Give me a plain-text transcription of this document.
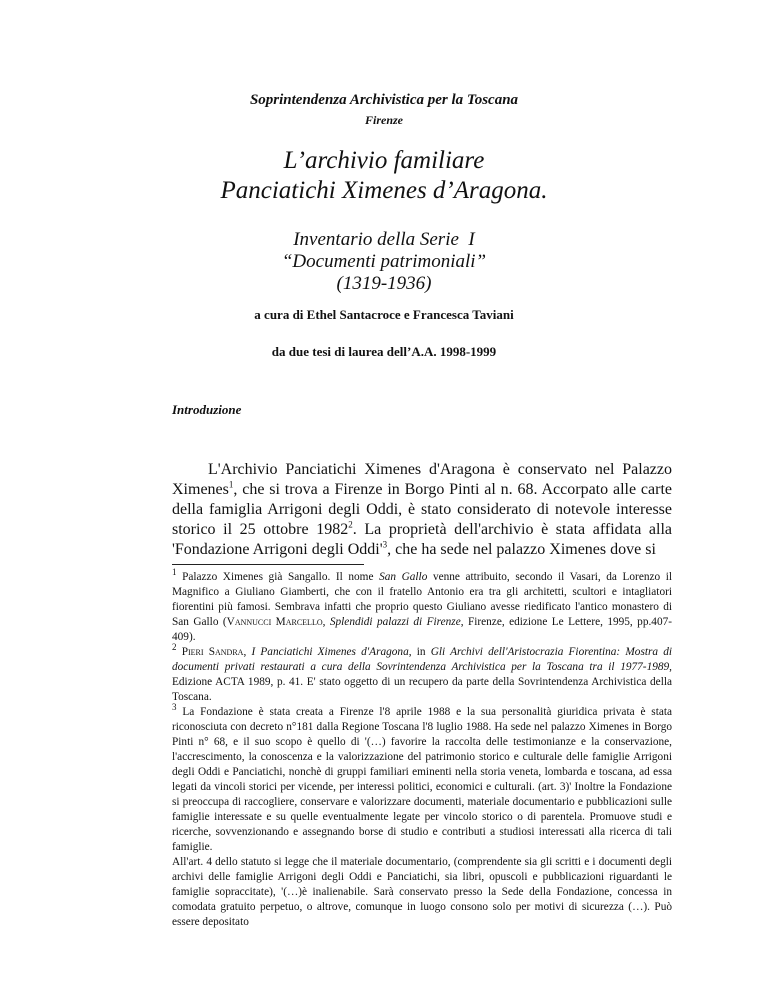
Soprintendenza Archivistica per la Toscana
Firenze
L’archivio familiare
Panciatichi Ximenes d’Aragona.
Inventario della Serie  I
“Documenti patrimoniali”
(1319-1936)
a cura di Ethel Santacroce e Francesca Taviani
da due tesi di laurea dell’A.A. 1998-1999
Introduzione
L'Archivio Panciatichi Ximenes d'Aragona è conservato nel Palazzo Ximenes$^1$, che si trova a Firenze in Borgo Pinti al n. 68. Accorpato alle carte della famiglia Arrigoni degli Oddi, è stato considerato di notevole interesse storico il 25 ottobre 1982$^2$. La proprietà dell'archivio è stata affidata alla 'Fondazione Arrigoni degli $Oddi'^3$, che ha sede nel palazzo Ximenes dove si

$^1$ Palazzo Ximenes già Sangallo. Il nome San Gallo venne attribuito, secondo il Vasari, da Lorenzo il Magnifico a Giuliano Giamberti, che con il fratello Antonio era tra gli architetti, scultori e intagliatori fiorentini più famosi. Sembrava infatti che proprio questo Giuliano avesse riedificato l'antico monastero di San Gallo (Vannucci Marcello, Splendidi palazzi di Firenze, Firenze, edizione Le Lettere, 1995, pp.407-409).

$^2$ Pieri Sandra, I Panciatichi Ximenes d'Aragona, in Gli Archivi dell'Aristocrazia Fiorentina: Mostra di documenti privati restaurati a cura della Sovrintendenza Archivistica per la Toscana tra il 1977-1989, Edizione ACTA 1989, p. 41. E' stato oggetto di un recupero da parte della Sovrintendenza Archivistica della Toscana.

$^3$ La Fondazione è stata creata a Firenze l'8 aprile 1988 e la sua personalità giuridica privata è stata riconosciuta con decreto n°181 dalla Regione Toscana l'8 luglio 1988. Ha sede nel palazzo Ximenes in Borgo Pinti n° 68, e il suo scopo è quello di '(…) favorire la raccolta delle testimonianze e la conservazione, l'accrescimento, la conoscenza e la valorizzazione del patrimonio storico e culturale delle famiglie Arrigoni degli Oddi e Panciatichi, nonchè di gruppi familiari eminenti nella storia veneta, lombarda e toscana, ad essa legati da vincoli storici per vicende, per interessi politici, economici e culturali. (art. 3)' Inoltre la Fondazione si preoccupa di raccogliere, conservare e valorizzare documenti, materiale documentario e pubblicazioni sulle famiglie interessate e su quelle eventualmente legate per vincolo storico o di parentela. Promuove studi e ricerche, sovvenzionando e assegnando borse di studio e contributi a studiosi interessati alla ricerca di tali famiglie.

All'art. 4 dello statuto si legge che il materiale documentario, (comprendente sia gli scritti e i documenti degli archivi delle famiglie Arrigoni degli Oddi e Panciatichi, sia libri, opuscoli e pubblicazioni riguardanti le famiglie sopraccitate), '(…)è inalienabile. Sarà conservato presso la Sede della Fondazione, concessa in comodata gratuito perpetuo, o altrove, comunque in luogo consono solo per motivi di sicurezza (…). Può essere depositato
